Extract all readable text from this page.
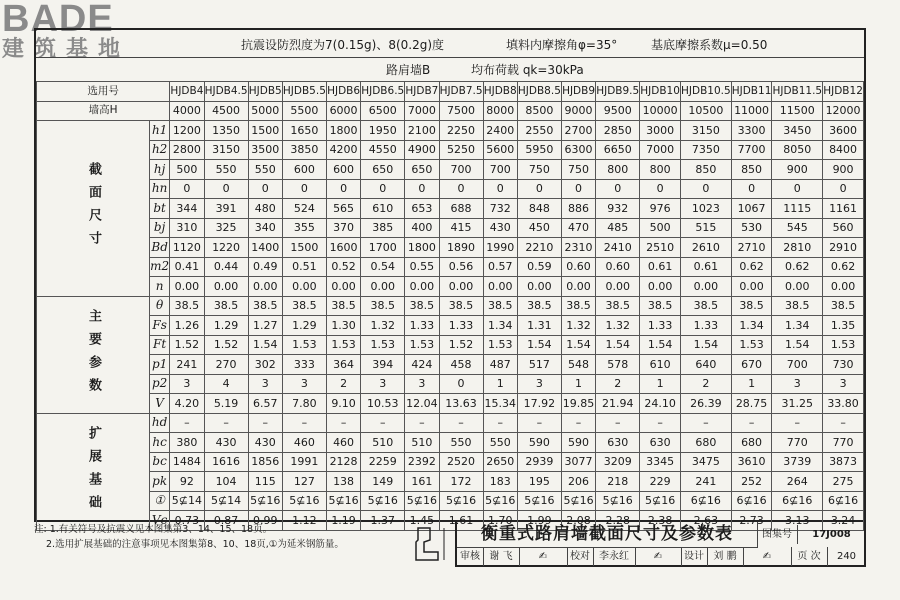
BADE
建筑基地	抗震设防烈度为7(0.15g)、8(0.2g)度	填料内摩擦角φ=35°	基底摩擦系数μ=0.50
路肩墙B	均布荷载 qk=30kPa
选用号		HJDB4	HJDB4.5	HJDB5	HJDB5.5	HJDB6	HJDB6.5	HJDB7	HJDB7.5	HJDB8	HJDB8.5	HJDB9	HJDB9.5	HJDB10	HJDB10.5	HJDB11	HJDB11.5	HJDB12
墙高H		4000	4500	5000	5500	6000	6500	7000	7500	8000	8500	9000	9500	10000	10500	11000	11500	12000
截面尺寸	h1	1200	1350	1500	1650	1800	1950	2100	2250	2400	2550	2700	2850	3000	3150	3300	3450	3600
	h2	2800	3150	3500	3850	4200	4550	4900	5250	5600	5950	6300	6650	7000	7350	7700	8050	8400
	hj	500	550	550	600	600	650	650	700	700	750	750	800	800	850	850	900	900
	hn	0	0	0	0	0	0	0	0	0	0	0	0	0	0	0	0	0
	bt	344	391	480	524	565	610	653	688	732	848	886	932	976	1023	1067	1115	1161
	bj	310	325	340	355	370	385	400	415	430	450	470	485	500	515	530	545	560
	Bd	1120	1220	1400	1500	1600	1700	1800	1890	1990	2210	2310	2410	2510	2610	2710	2810	2910
	m2	0.41	0.44	0.49	0.51	0.52	0.54	0.55	0.56	0.57	0.59	0.60	0.60	0.61	0.61	0.62	0.62	0.62
	n	0.00	0.00	0.00	0.00	0.00	0.00	0.00	0.00	0.00	0.00	0.00	0.00	0.00	0.00	0.00	0.00	0.00
主要参数	θ	38.5	38.5	38.5	38.5	38.5	38.5	38.5	38.5	38.5	38.5	38.5	38.5	38.5	38.5	38.5	38.5	38.5
	Fs	1.26	1.29	1.27	1.29	1.30	1.32	1.33	1.33	1.34	1.31	1.32	1.32	1.33	1.33	1.34	1.34	1.35
	Ft	1.52	1.52	1.54	1.53	1.53	1.53	1.53	1.52	1.53	1.54	1.54	1.54	1.54	1.54	1.53	1.54	1.53
	p1	241	270	302	333	364	394	424	458	487	517	548	578	610	640	670	700	730
	p2	3	4	3	3	2	3	3	0	1	3	1	2	1	2	1	3	3
	V	4.20	5.19	6.57	7.80	9.10	10.53	12.04	13.63	15.34	17.92	19.85	21.94	24.10	26.39	28.75	31.25	33.80
扩展基础	hd	–	–	–	–	–	–	–	–	–	–	–	–	–	–	–	–	–
	hc	380	430	430	460	460	510	510	550	550	590	590	630	630	680	680	770	770
	bc	1484	1616	1856	1991	2128	2259	2392	2520	2650	2939	3077	3209	3345	3475	3610	3739	3873
	pk	92	104	115	127	138	149	161	172	183	195	206	218	229	241	252	264	275
	①	5⊈14	5⊈14	5⊈16	5⊈16	5⊈16	5⊈16	5⊈16	5⊈16	5⊈16	5⊈16	5⊈16	5⊈16	5⊈16	6⊈16	6⊈16	6⊈16	6⊈16
	Vc	0.73	0.87	0.99	1.12	1.19	1.37	1.45	1.61	1.70	1.99	2.08	2.28	2.38	2.63	2.73	3.13	3.24
注: 1.有关符号及抗震义见本图集第3、14、15、18页。
2.选用扩展基础的注意事项见本图集第8、10、18页,①为延米钢筋量。
衡重式路肩墙截面尺寸及参数表	图集号	17J008
审核 谢 飞	✍	校对 李永红	✍	设计 刘 鹏	✍	页 次	240
